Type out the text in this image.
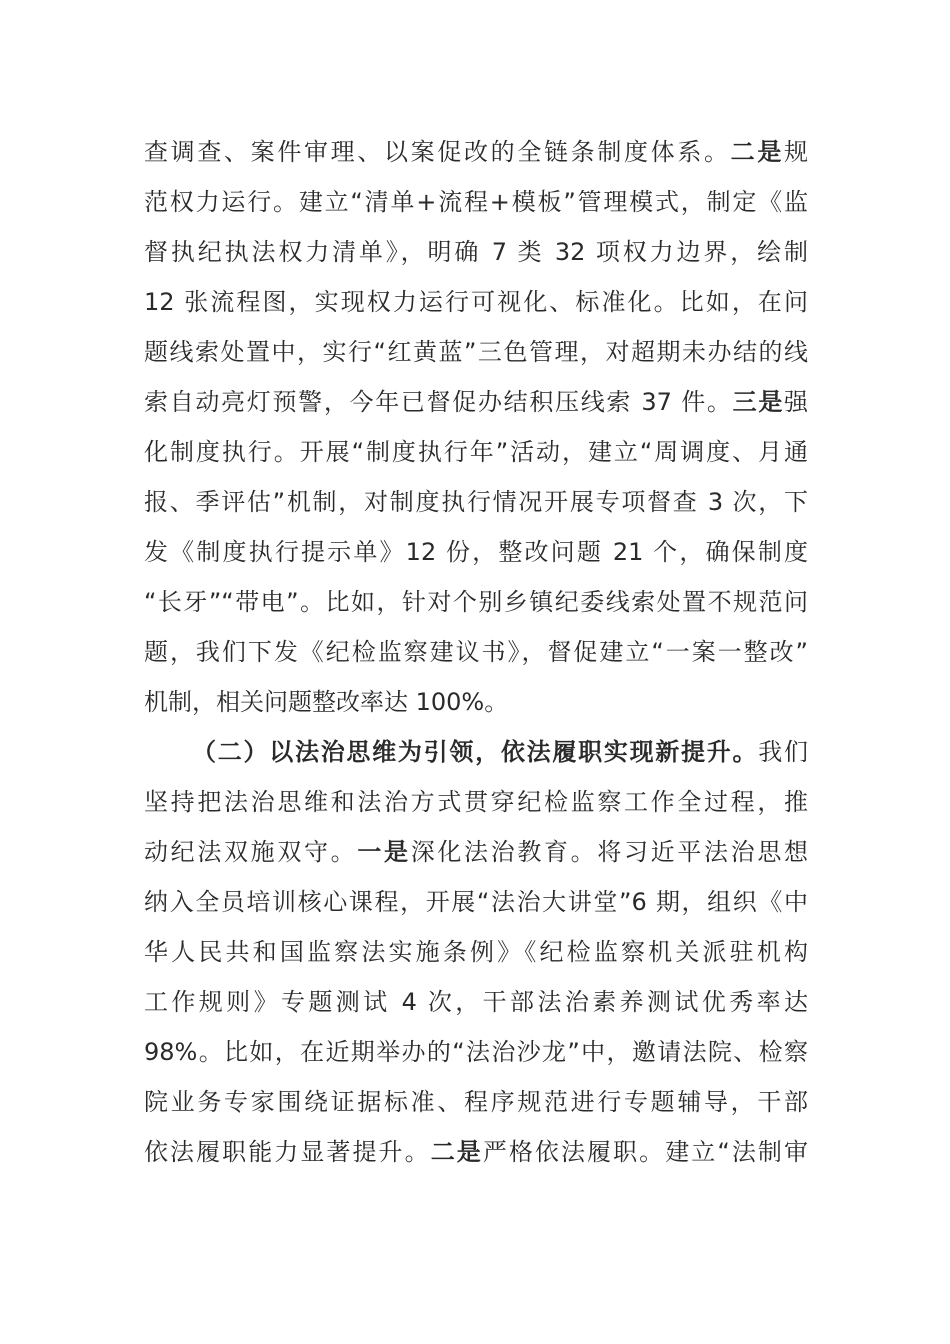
查调查、案件审理、以案促改的全链条制度体系。二是规
范权力运行。建立“清单+流程+模板”管理模式，制定《监
督执纪执法权力清单》，明确 7 类 32 项权力边界，绘制
12 张流程图，实现权力运行可视化、标准化。比如，在问
题线索处置中，实行“红黄蓝”三色管理，对超期未办结的线
索自动亮灯预警，今年已督促办结积压线索 37 件。三是强
化制度执行。开展“制度执行年”活动，建立“周调度、月通
报、季评估”机制，对制度执行情况开展专项督查 3 次，下
发《制度执行提示单》12 份，整改问题 21 个，确保制度
“长牙”“带电”。比如，针对个别乡镇纪委线索处置不规范问
题，我们下发《纪检监察建议书》，督促建立“一案一整改”
机制，相关问题整改率达 100%。
（二）以法治思维为引领，依法履职实现新提升。我们
坚持把法治思维和法治方式贯穿纪检监察工作全过程，推
动纪法双施双守。一是深化法治教育。将习近平法治思想
纳入全员培训核心课程，开展“法治大讲堂”6 期，组织《中
华人民共和国监察法实施条例》《纪检监察机关派驻机构
工作规则》专题测试 4 次，干部法治素养测试优秀率达
98%。比如，在近期举办的“法治沙龙”中，邀请法院、检察
院业务专家围绕证据标准、程序规范进行专题辅导，干部
依法履职能力显著提升。二是严格依法履职。建立“法制审
